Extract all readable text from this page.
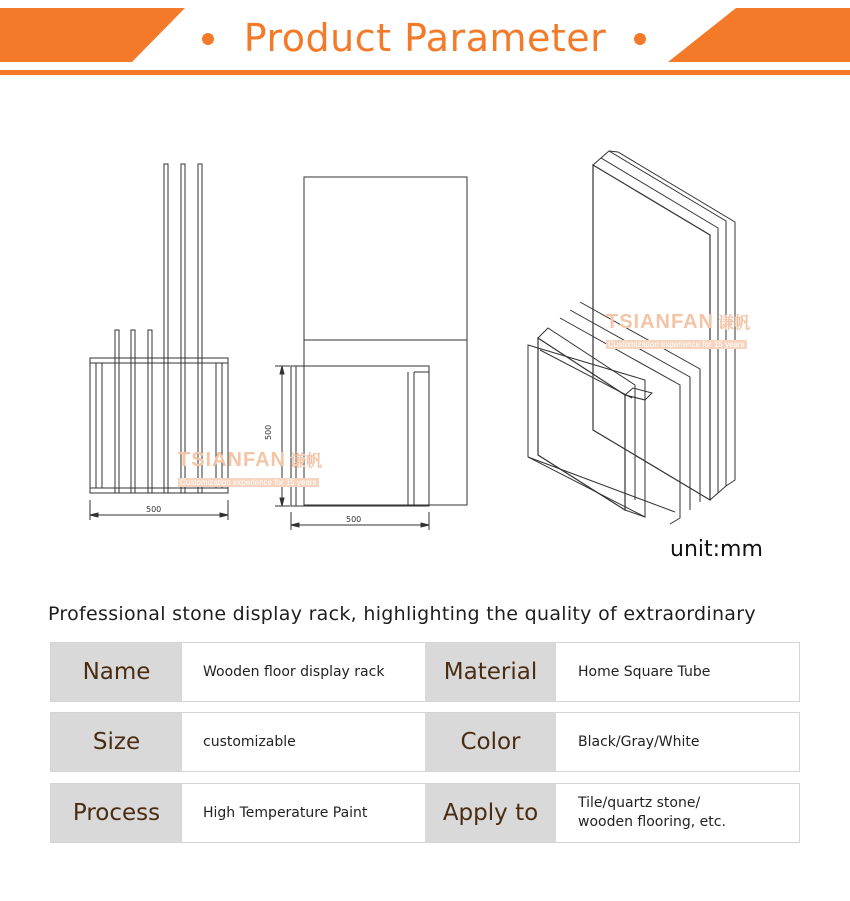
Product Parameter
TSIANFAN 谦帆
Customization experience for 15 years
TSIANFAN 谦帆
Customization experience for 15 years
500
500
500
unit:mm
Professional stone display rack, highlighting the quality of extraordinary
Name	Wooden floor display rack	Material	Home Square Tube
Size	customizable	Color	Black/Gray/White
Process	High Temperature Paint	Apply to	Tile/quartz stone/
wooden flooring, etc.
